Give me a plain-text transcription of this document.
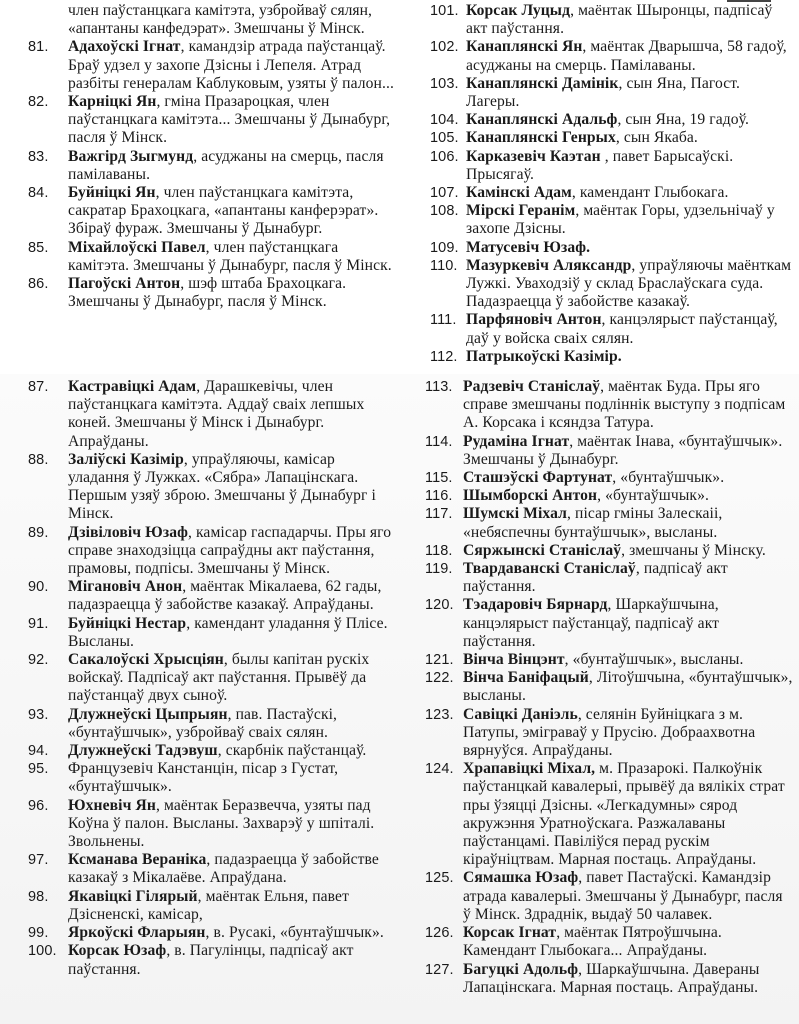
член паўстанцкага камітэта, узбройваў сялян, «апантаны канфедэрат». Змешчаны ў Мінск.
81. Адахоўскі Ігнат, камандзір атрада паўстанцаў. Браў удзел у захопе Дзісны і Лепеля. Атрад разбіты генералам Каблуковым, узяты ў палон...
82. Карніцкі Ян, гміна Празароцкая, член паўстанцкага камітэта... Змешчаны ў Дынабург, пасля ў Мінск.
83. Важгірд Зыгмунд, асуджаны на смерць, пасля памілаваны.
84. Буйніцкі Ян, член паўстанцкага камітэта, сакратар Брахоцкага, «апантаны канферэрат». Збіраў фураж. Змешчаны ў Дынабург.
85. Міхайлоўскі Павел, член паўстанцкага камітэта. Змешчаны ў Дынабург, пасля ў Мінск.
86. Пагоўскі Антон, шэф штаба Брахоцкага. Змешчаны ў Дынабург, пасля ў Мінск.
101. Корсак Луцыд, маёнтак Шыронцы, падпісаў акт паўстання.
102. Канаплянскі Ян, маёнтак Дварышча, 58 гадоў, асуджаны на смерць. Памілаваны.
103. Канаплянскі Дамінік, сын Яна, Пагост. Лагеры.
104. Канаплянскі Адальф, сын Яна, 19 гадоў.
105. Канаплянскі Генрых, сын Якаба.
106. Карказевіч Каэтан , павет Барысаўскі. Прысягаў.
107. Камінскі Адам, камендант Глыбокага.
108. Мірскі Геранім, маёнтак Горы, удзельнічаў у захопе Дзісны.
109. Матусевіч Юзаф.
110. Мазуркевіч Аляксандр, упраўляючы маёнткам Лужкі. Уваходзіў у склад Браслаўскага суда. Падазраецца ў забойстве казакаў.
111. Парфяновіч Антон, канцэлярыст паўстанцаў, даў у войска сваіх сялян.
112. Патрыкоўскі Казімір.
87. Каcтравіцкі Адам, Дарашкевічы, член паўстанцкага камітэта. Аддаў сваіх лепшых коней. Змешчаны ў Мінск і Дынабург. Апраўданы.
88. Заліўскі Казімір, упраўляючы, камісар уладання ў Лужках. «Сябра» Лапацінскага. Першым узяў зброю. Змешчаны ў Дынабург і Мінск.
89. Дзівіловіч Юзаф, камісар гаспадарчы. Пры яго справе знаходзіцца сапраўдны акт паўстання, прамовы, подпісы. Змешчаны ў Мінск.
90. Мігановіч Анон, маёнтак Мікалаева, 62 гады, падазраецца ў забойстве казакаў. Апраўданы.
91. Буйніцкі Нестар, камендант уладання ў Плісе. Высланы.
92. Сакалоўскі Хрысціян, былы капітан рускіх войскаў. Падпісаў акт паўстання. Прывёў да паўстанцаў двух сыноў.
93. Длужнеўскі Цыпрыян, пав. Пастаўскі, «бунтаўшчык», узбройваў сваіх сялян.
94. Длужнеўскі Тадэвуш, скарбнік паўстанцаў.
95. Французевіч Канстанцін, пісар з Густат, «бунтаўшчык».
96. Юхневіч Ян, маёнтак Беразвечча, узяты пад Коўна ў палон. Высланы. Захварэў у шпіталі. Звольнены.
97. Ксманава Вераніка, падазраецца ў забойстве казакаў з Мікалаёве. Апраўдана.
98. Якавіцкі Гілярый, маёнтак Ельня, павет Дзісненскі, камісар,
99. Яркоўскі Фларыян, в. Русакі, «бунтаўшчык».
100. Корсак Юзаф, в. Пагулінцы, падпісаў акт паўстання.
113. Радзевіч Станіслаў, маёнтак Буда. Пры яго справе змешчаны подліннік выступу з подпісам А. Корсака і ксяндза Татура.
114. Рудаміна Ігнат, маёнтак Інава, «бунтаўшчык». Змешчаны ў Дынабург.
115. Сташэўскі Фартунат, «бунтаўшчык».
116. Шымборскі Антон, «бунтаўшчык».
117. Шумскі Міхал, пісар гміны Залескаіі, «небяспечны бунтаўшчык», высланы.
118. Сяржынскі Станіслаў, змешчаны ў Мінску.
119. Твардаванскі Станіслаў, падпісаў акт паўстання.
120. Тэадаровіч Бярнард, Шаркаўшчына, канцэлярыст паўстанцаў, падпісаў акт паўстання.
121. Вінча Вінцэнт, «бунтаўшчык», высланы.
122. Вінча Баніфацый, Літоўшчына, «бунтаўшчык», высланы.
123. Савіцкі Даніэль, селянін Буйніцкага з м. Патупы, эміграваў у Прусію. Добраахвотна вярнуўся. Апраўданы.
124. Храпавіцкі Міхал, м. Празарокі. Палкоўнік паўстанцкай кавалерыі, прывёў да вялікіх страт пры ўзяцці Дзісны. «Легкадумны» сярод акружэння Уратноўскага. Разжалаваны паўстанцамі. Павіліўся перад рускім кіраўніцтвам. Марная постаць. Апраўданы.
125. Сямашка Юзаф, павет Пастаўскі. Камандзір атрада кавалерыі. Змешчаны ў Дынабург, пасля ў Мінск. Здраднік, выдаў 50 чалавек.
126. Корсак Ігнат, маёнтак Пятроўшчына. Камендант Глыбокага... Апраўданы.
127. Багуцкі Адольф, Шаркаўшчына. Давераны Лапацінскага. Марная постаць. Апраўданы.
